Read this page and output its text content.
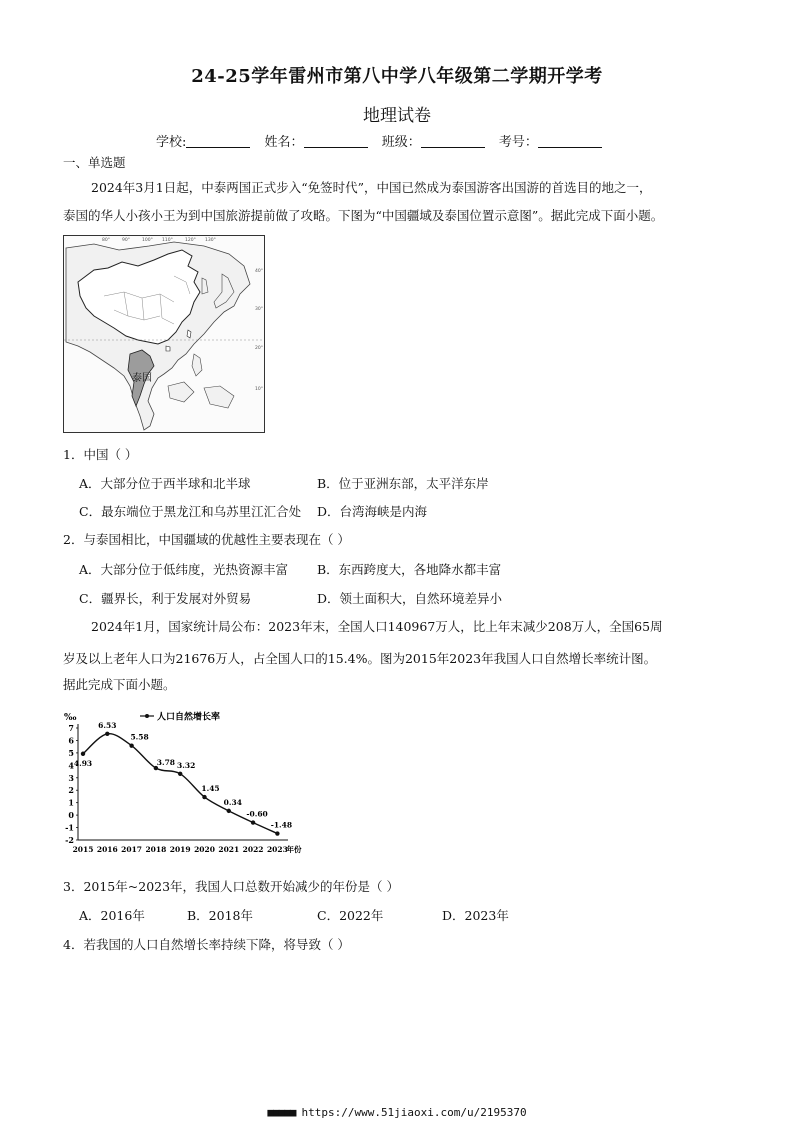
24-25学年雷州市第八中学八年级第二学期开学考
地理试卷
学校:	姓名：	班级：	考号：
一、单选题
2024年3月1日起，中泰两国正式步入“免签时代”，中国已然成为泰国游客出国游的首选目的地之一，
泰国的华人小孩小王为到中国旅游提前做了攻略。下图为“中国疆域及泰国位置示意图”。据此完成下面小题。
80°	90°	100° 110°	120° 130°
40°
30°
20°
10°
泰国
1．中国（ ）
A．大部分位于西半球和北半球	B．位于亚洲东部，太平洋东岸
C．最东端位于黑龙江和乌苏里江汇合处 D．台湾海峡是内海
2．与泰国相比，中国疆域的优越性主要表现在（ ）
A．大部分位于低纬度，光热资源丰富 B．东西跨度大，各地降水都丰富
C．疆界长，利于发展对外贸易	D．领土面积大，自然环境差异小
2024年1月，国家统计局公布：2023年末，全国人口140967万人，比上年末减少208万人，全国65周
岁及以上老年人口为21676万人，占全国人口的15.4%。图为2015年2023年我国人口自然增长率统计图。
据此完成下面小题。
‰
7
6
5
4
3
2
1
0
-1
-2
2015 2016 2017 2018 2019 2020 2021 2022 2023
年份
4.93
6.53
5.58
3.78 3.32
1.45
0.34
-0.60
-1.48
人口自然增长率
3．2015年~2023年，我国人口总数开始减少的年份是（ ）
A．2016年	B．2018年	C．2022年	D．2023年
4．若我国的人口自然增长率持续下降，将导致（ ）
■■■■■ https://www.51jiaoxi.com/u/2195370
